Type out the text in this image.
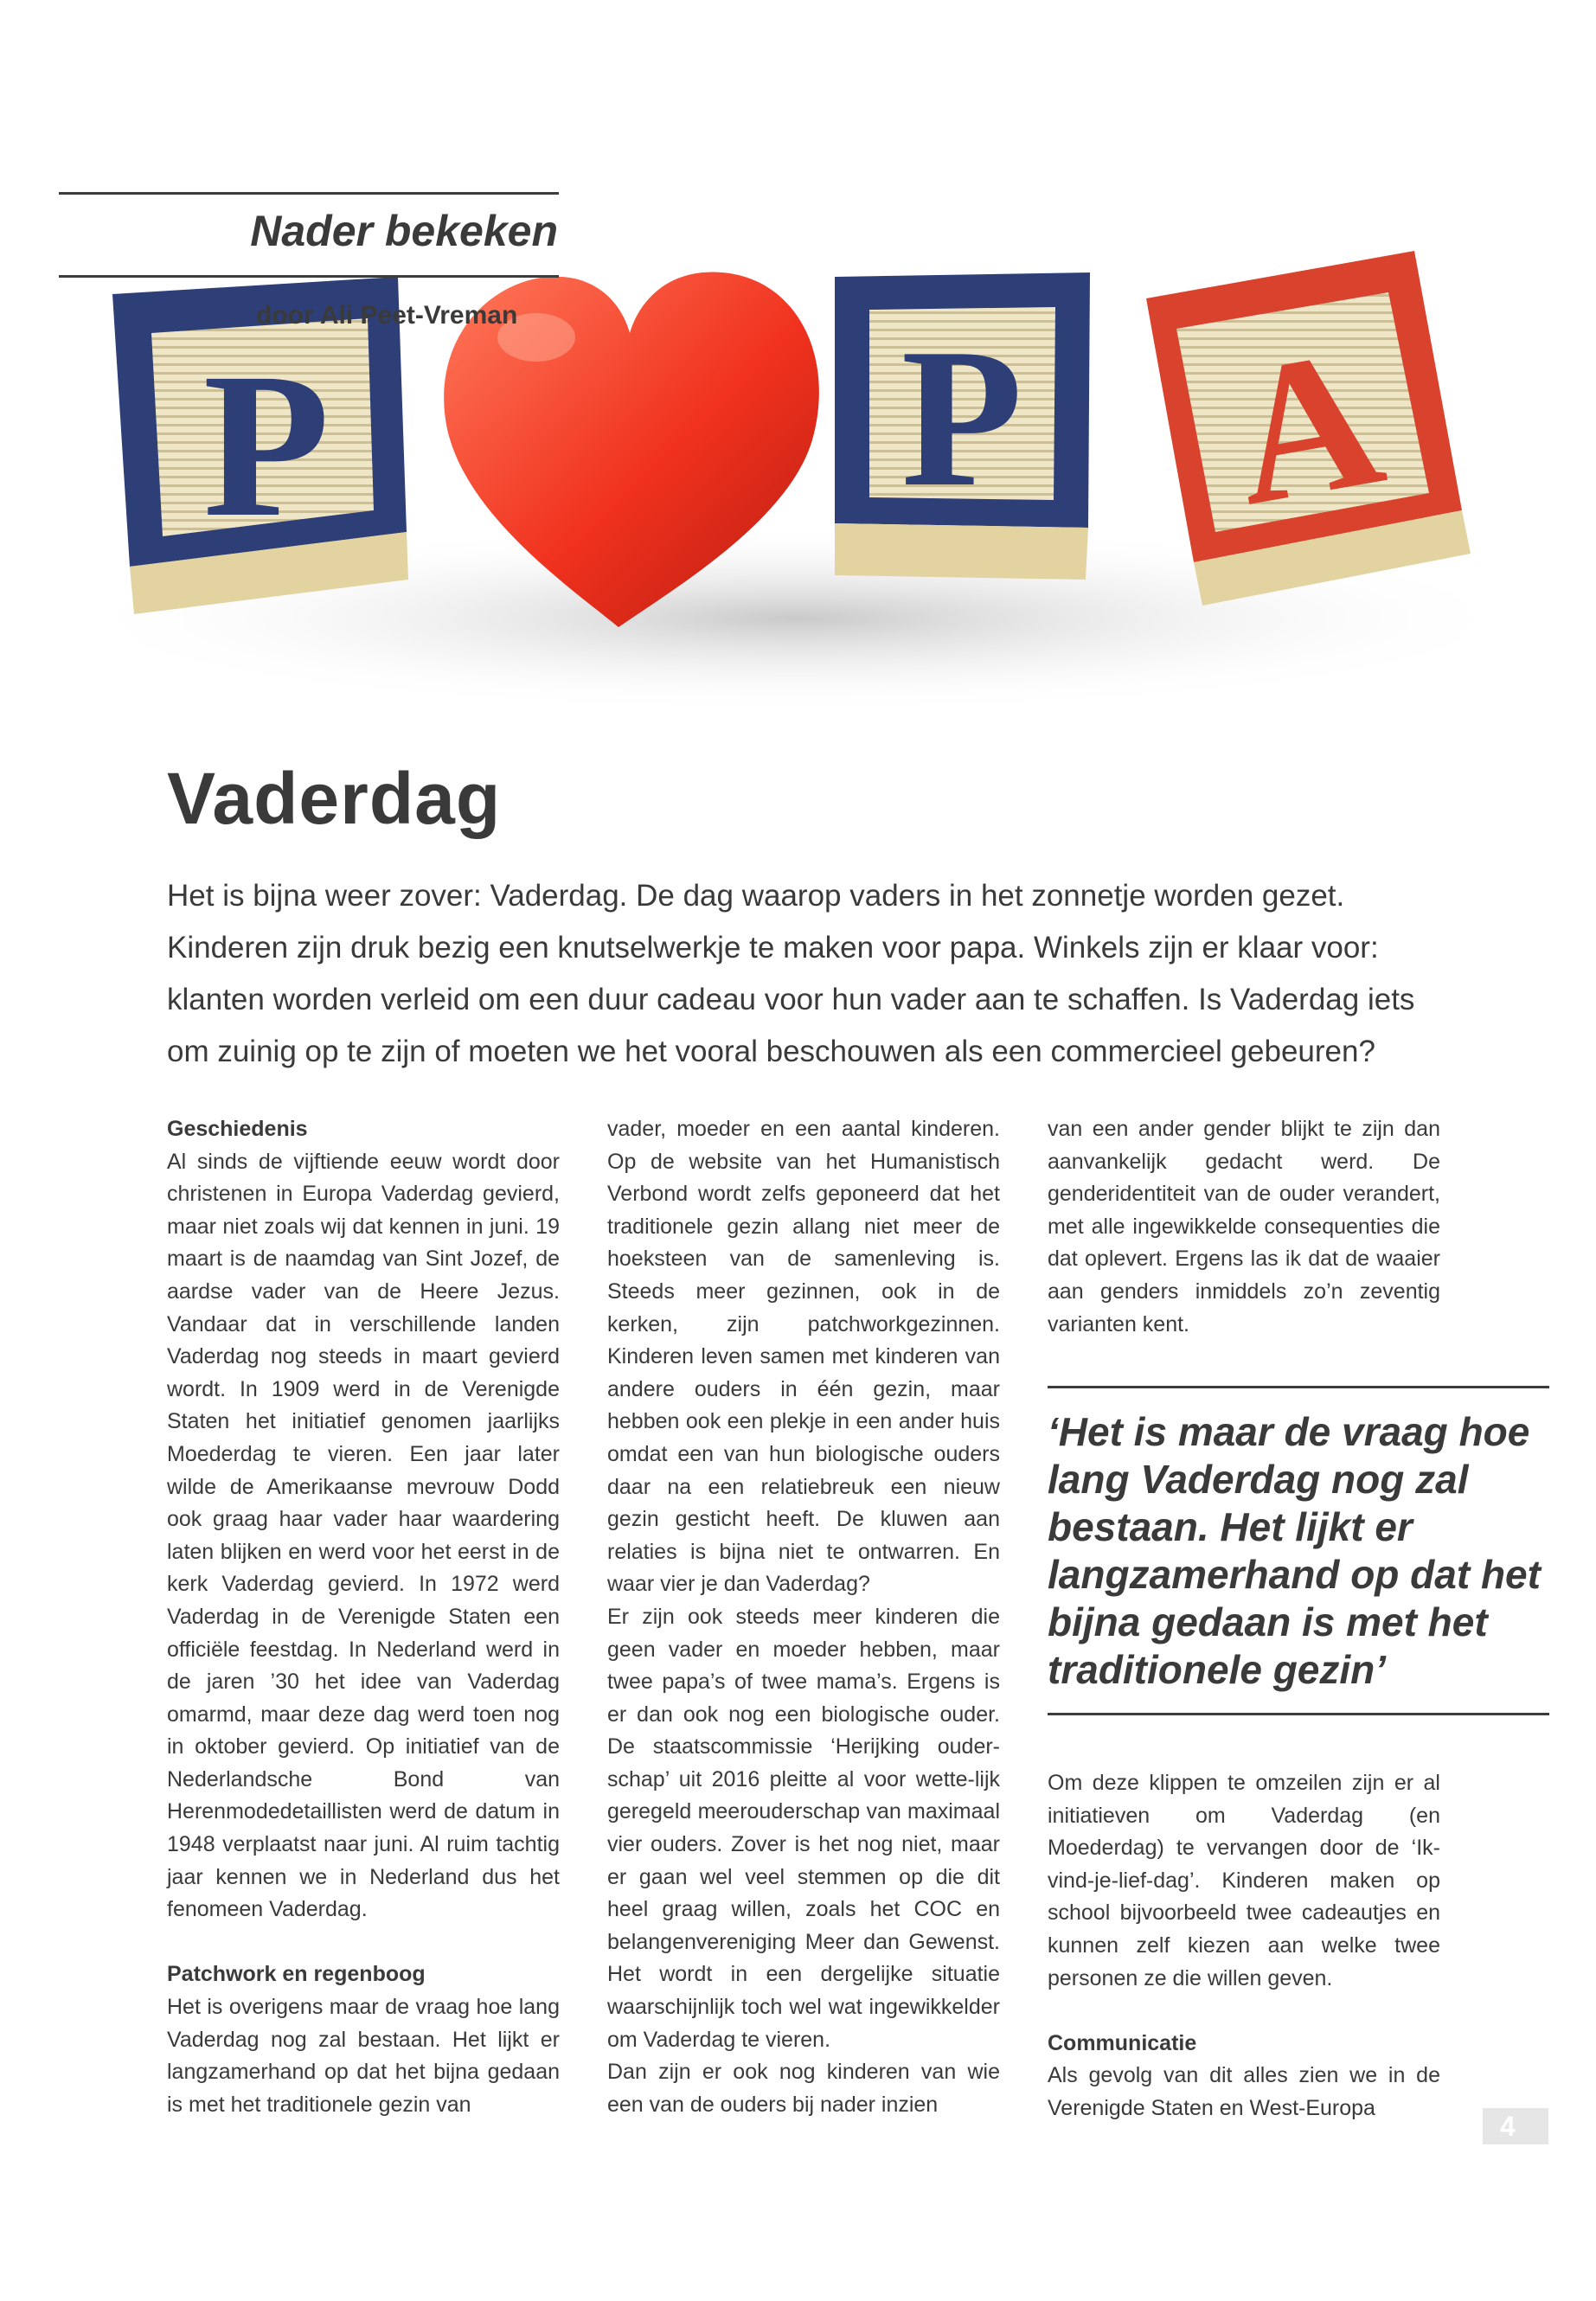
P	P A
Nader bekeken
door Ali Peet-Vreman
Vaderdag
Het is bijna weer zover: Vaderdag. De dag waarop vaders in het zonnetje worden gezet. Kinderen zijn druk bezig een knutselwerkje te maken voor papa. Winkels zijn er klaar voor: klanten worden verleid om een duur cadeau voor hun vader aan te schaffen. Is Vaderdag iets om zuinig op te zijn of moeten we het vooral beschouwen als een commercieel gebeuren?

Geschiedenis

Al sinds de vijftiende eeuw wordt door christenen in Europa Vaderdag gevierd, maar niet zoals wij dat kennen in juni. 19 maart is de naamdag van Sint Jozef, de aardse vader van de Heere Jezus. Vandaar dat in verschillende landen Vaderdag nog steeds in maart gevierd wordt. In 1909 werd in de Verenigde Staten het initiatief genomen jaarlijks Moederdag te vieren. Een jaar later wilde de Amerikaanse mevrouw Dodd ook graag haar vader haar waardering laten blijken en werd voor het eerst in de kerk Vaderdag gevierd. In 1972 werd Vaderdag in de Verenigde Staten een officiële feestdag. In Nederland werd in de jaren ’30 het idee van Vaderdag omarmd, maar deze dag werd toen nog in oktober gevierd. Op initiatief van de Nederlandsche Bond van Herenmodedetaillisten werd de datum in 1948 verplaatst naar juni. Al ruim tachtig jaar kennen we in Nederland dus het fenomeen Vaderdag.

Patchwork en regenboog

Het is overigens maar de vraag hoe lang Vaderdag nog zal bestaan. Het lijkt er langzamerhand op dat het bijna gedaan is met het traditionele gezin van

vader, moeder en een aantal kinderen. Op de website van het Humanistisch Verbond wordt zelfs geponeerd dat het traditionele gezin allang niet meer de hoeksteen van de samenleving is. Steeds meer gezinnen, ook in de kerken, zijn patchworkgezinnen. Kinderen leven samen met kinderen van andere ouders in één gezin, maar hebben ook een plekje in een ander huis omdat een van hun biologische ouders daar na een relatiebreuk een nieuw gezin gesticht heeft. De kluwen aan relaties is bijna niet te ontwarren. En waar vier je dan Vaderdag?

Er zijn ook steeds meer kinderen die geen vader en moeder hebben, maar twee papa’s of twee mama’s. Ergens is er dan ook nog een biologische ouder. De staatscommissie ‘Herijking ouder-schap’ uit 2016 pleitte al voor wette-lijk geregeld meerouderschap van maximaal vier ouders. Zover is het nog niet, maar er gaan wel veel stemmen op die dit heel graag willen, zoals het COC en belangenvereniging Meer dan Gewenst. Het wordt in een dergelijke situatie waarschijnlijk toch wel wat ingewikkelder om Vaderdag te vieren.

Dan zijn er ook nog kinderen van wie een van de ouders bij nader inzien

van een ander gender blijkt te zijn dan aanvankelijk gedacht werd. De genderidentiteit van de ouder verandert, met alle ingewikkelde consequenties die dat oplevert. Ergens las ik dat de waaier aan genders inmiddels zo’n zeventig varianten kent.

‘Het is maar de vraag hoe lang Vaderdag nog zal bestaan. Het lijkt er langzamerhand op dat het bijna gedaan is met het traditionele gezin’

Om deze klippen te omzeilen zijn er al initiatieven om Vaderdag (en Moederdag) te vervangen door de ‘Ik-vind-je-lief-dag’. Kinderen maken op school bijvoorbeeld twee cadeautjes en kunnen zelf kiezen aan welke twee personen ze die willen geven.

Communicatie

Als gevolg van dit alles zien we in de Verenigde Staten en West-Europa

4
